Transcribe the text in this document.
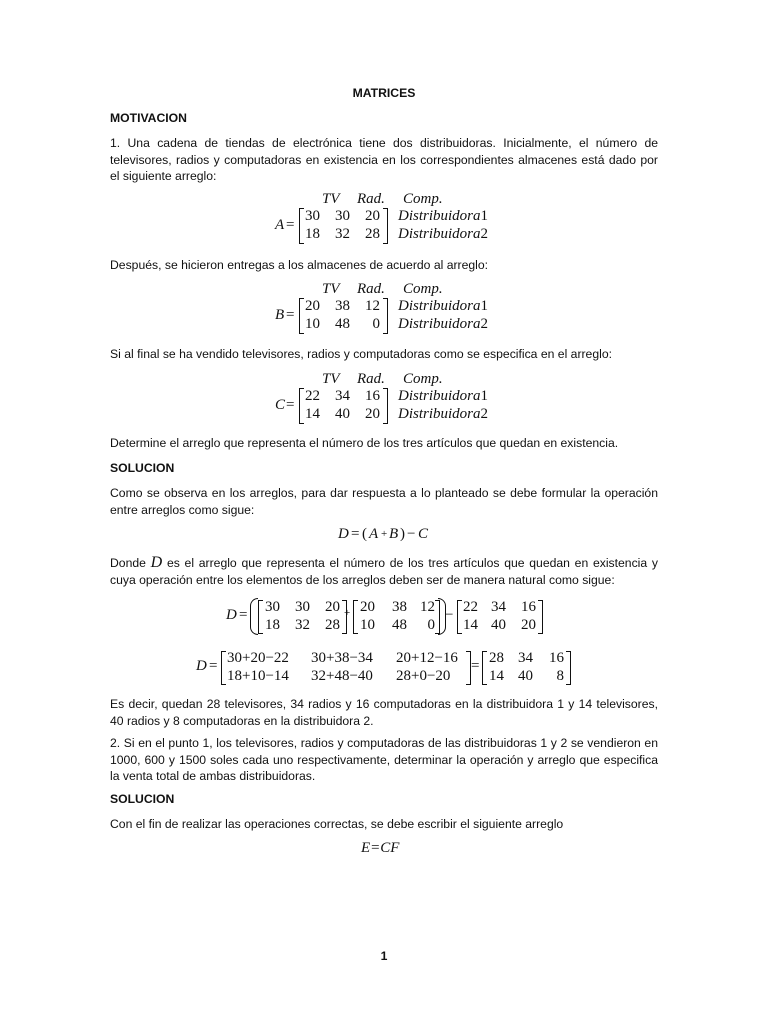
MATRICES
MOTIVACION
1. Una cadena de tiendas de electrónica tiene dos distribuidoras. Inicialmente, el número de televisores, radios y computadoras en existencia en los correspondientes almacenes está dado por el siguiente arreglo:
TV Rad. Comp.
A =
30	30	20
18	32	28
Distribuidora1
Distribuidora2
Después, se hicieron entregas a los almacenes de acuerdo al arreglo:
TV Rad. Comp.
B =
20	38	12
10	48	0
Distribuidora1
Distribuidora2
Si al final se ha vendido televisores, radios y computadoras como se especifica en el arreglo:
TV Rad. Comp.
C =
22	34	16
14	40	20
Distribuidora1
Distribuidora2
Determine el arreglo que representa el número de los tres artículos que quedan en existencia.
SOLUCION
Como se observa en los arreglos, para dar respuesta a lo planteado se debe formular la operación entre arreglos como sigue:
D = ( A + B ) − C
Donde D es el arreglo que representa el número de los tres artículos que quedan en existencia y cuya operación entre los elementos de los arreglos deben ser de manera natural como sigue:
D =	30	30	20
18	32	28
+ 20	38 12
10	48	0
− 22 34	16
14 40	20
D = 30+20−22 30+38−34 20+12−16
18+10−14 32+48−40 28+0−20
= 28 34	16
14 40	8
Es decir, quedan 28 televisores, 34 radios y 16 computadoras en la distribuidora 1 y 14 televisores, 40 radios y 8 computadoras en la distribuidora 2.
2. Si en el punto 1, los televisores, radios y computadoras de las distribuidoras 1 y 2 se vendieron en 1000, 600 y 1500 soles cada uno respectivamente, determinar la operación y arreglo que especifica la venta total de ambas distribuidoras.
SOLUCION
Con el fin de realizar las operaciones correctas, se debe escribir el siguiente arreglo
E=CF
1
